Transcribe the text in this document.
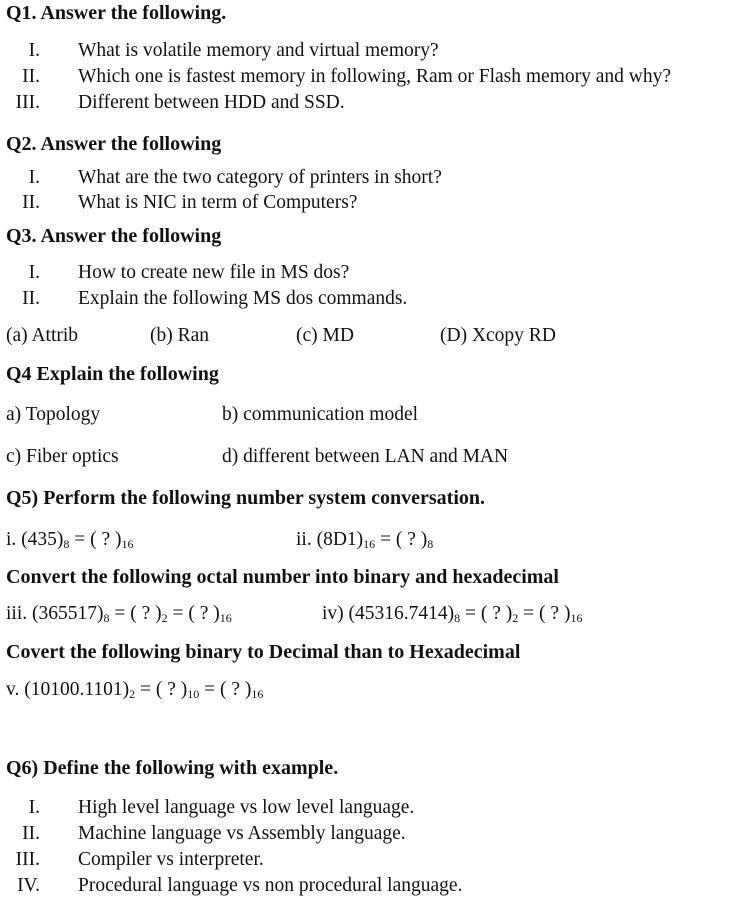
Q1. Answer the following.
I. What is volatile memory and virtual memory?
II. Which one is fastest memory in following, Ram or Flash memory and why?
III. Different between HDD and SSD.
Q2. Answer the following
I. What are the two category of printers in short?
II. What is NIC in term of Computers?
Q3. Answer the following
I. How to create new file in MS dos?
II. Explain the following MS dos commands.
(a) Attrib	(b) Ran	(c) MD	(D) Xcopy RD
Q4 Explain the following
a) Topology	b) communication model
c) Fiber optics	d) different between LAN and MAN
Q5) Perform the following number system conversation.
i. $(435)_8$ = ( ? )$_{16}$	ii. $(8D1)_{16}$ = ( ? )$_8$
Convert the following octal number into binary and hexadecimal
iii. $(365517)_8$ = ( ? )$_2$ = ( ? )$_{16}$	iv) $(45316.7414)_8$ = ( ? )$_2$ = ( ? )$_{16}$
Covert the following binary to Decimal than to Hexadecimal
v. $(10100.1101)_2$ = ( ? )$_{10}$ = ( ? )$_{16}$
Q6) Define the following with example.
I. High level language vs low level language.
II. Machine language vs Assembly language.
III. Compiler vs interpreter.
IV. Procedural language vs non procedural language.
